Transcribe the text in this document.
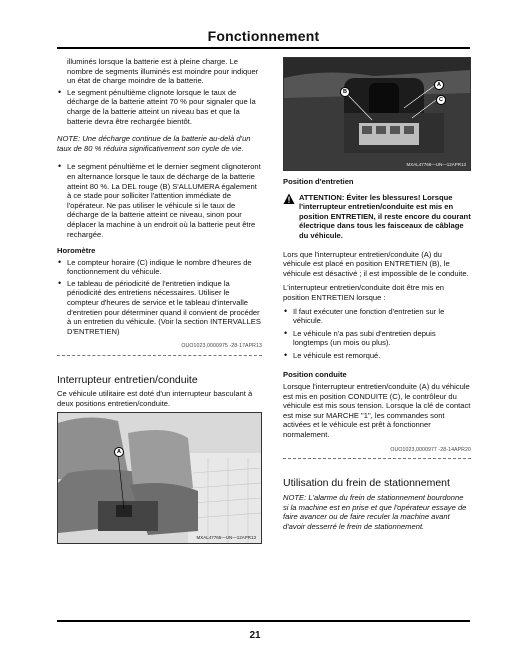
Fonctionnement

illuminés lorsque la batterie est à pleine charge. Le nombre de segments illuminés est moindre pour indiquer un état de charge moindre de la batterie.

• Le segment pénultième clignote lorsque le taux de décharge de la batterie atteint 70 % pour signaler que la charge de la batterie atteint un niveau bas et que la batterie devra être rechargée bientôt.

NOTE: Une décharge continue de la batterie au-delà d'un taux de 80 % réduira significativement son cycle de vie.

• Le segment pénultième et le dernier segment clignoteront en alternance lorsque le taux de décharge de la batterie atteint 80 %. La DEL rouge (B) S'ALLUMERA également à ce stade pour solliciter l'attention immédiate de l'opérateur. Ne pas utiliser le véhicule si le taux de décharge de la batterie atteint ce niveau, sinon pour déplacer la machine à un endroit où la batterie peut être rechargée.

Horomètre

• Le compteur horaire (C) indique le nombre d'heures de fonctionnement du véhicule.

• Le tableau de périodicité de l'entretien indique la périodicité des entretiens nécessaires. Utiliser le compteur d'heures de service et le tableau d'intervalle d'entretien pour déterminer quand il convient de procéder à un entretien du véhicule. (Voir la section INTERVALLES D'ENTRETIEN)

OUO1023,0000975 -28-17APR13

Interrupteur entretien/conduite

Ce véhicule utilitaire est doté d'un interrupteur basculant à deux positions entretien/conduite.

MXAL47765—UN—12APR13
A
MXAL47768—UN—12APR13
B
A
C

Position d'entretien

ATTENTION: Éviter les blessures! Lorsque l'interrupteur entretien/conduite est mis en position ENTRETIEN, il reste encore du courant électrique dans tous les faisceaux de câblage du véhicule.

Lors que l'interrupteur entretien/conduite (A) du véhicule est placé en position ENTRETIEN (B), le véhicule est désactivé ; il est impossible de le conduite.

L'interrupteur entretien/conduite doit être mis en position ENTRETIEN lorsque :

• Il faut exécuter une fonction d'entretien sur le véhicule.

• Le véhicule n'a pas subi d'entretien depuis longtemps (un mois ou plus).

• Le véhicule est remorqué.

Position conduite

Lorsque l'interrupteur entretien/conduite (A) du véhicule est mis en position CONDUITE (C), le contrôleur du véhicule est mis sous tension. Lorsque la clé de contact est mise sur MARCHE "1", les commandes sont activées et le véhicule est prêt à fonctionner normalement.

OUO1023,0000977 -28-14APR20

Utilisation du frein de stationnement

NOTE: L'alarme du frein de stationnement bourdonne si la machine est en prise et que l'opérateur essaye de faire avancer ou de faire reculer la machine avant d'avoir desserré le frein de stationnement.

21
